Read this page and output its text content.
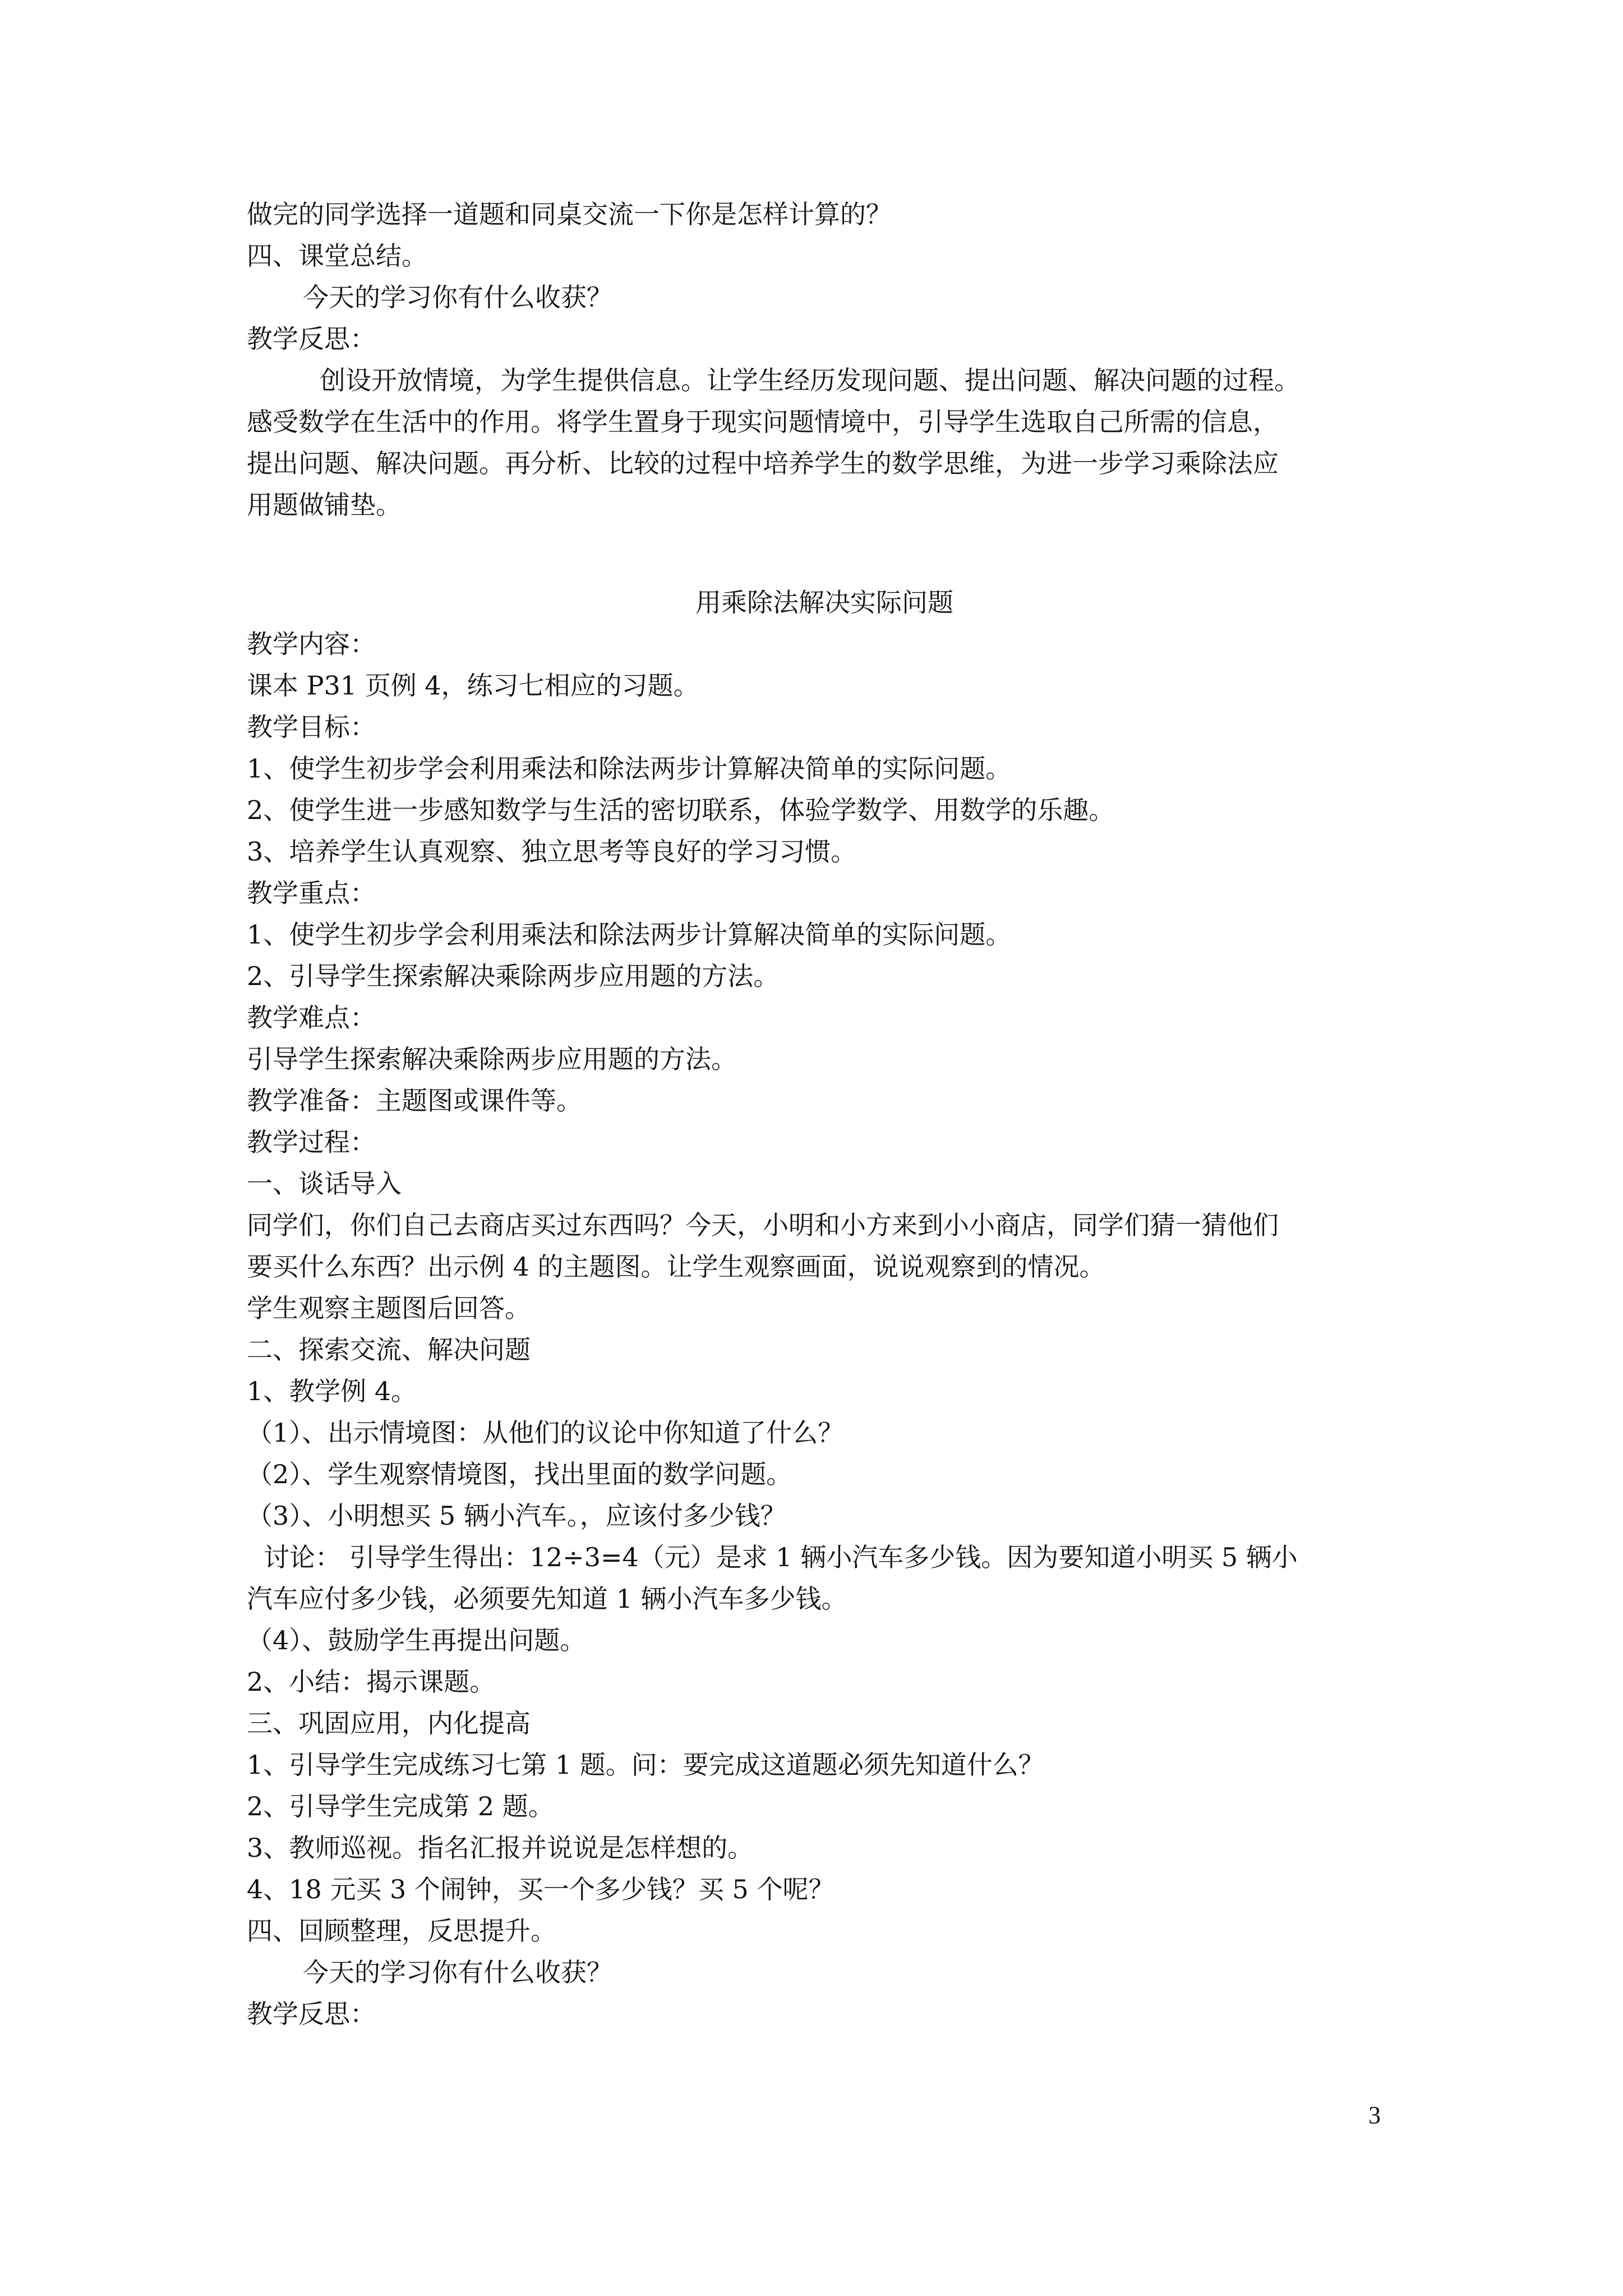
做完的同学选择一道题和同桌交流一下你是怎样计算的？
四、课堂总结。
今天的学习你有什么收获？
教学反思：
创设开放情境，为学生提供信息。让学生经历发现问题、提出问题、解决问题的过程。
感受数学在生活中的作用。将学生置身于现实问题情境中，引导学生选取自己所需的信息，
提出问题、解决问题。再分析、比较的过程中培养学生的数学思维，为进一步学习乘除法应
用题做铺垫。
用乘除法解决实际问题
教学内容：
课本 P31 页例 4，练习七相应的习题。
教学目标：
1、使学生初步学会利用乘法和除法两步计算解决简单的实际问题。
2、使学生进一步感知数学与生活的密切联系，体验学数学、用数学的乐趣。
3、培养学生认真观察、独立思考等良好的学习习惯。
教学重点：
1、使学生初步学会利用乘法和除法两步计算解决简单的实际问题。
2、引导学生探索解决乘除两步应用题的方法。
教学难点：
引导学生探索解决乘除两步应用题的方法。
教学准备：主题图或课件等。
教学过程：
一、谈话导入
同学们，你们自己去商店买过东西吗？今天，小明和小方来到小小商店，同学们猜一猜他们
要买什么东西？出示例 4 的主题图。让学生观察画面，说说观察到的情况。
学生观察主题图后回答。
二、探索交流、解决问题
1、教学例 4。
（1）、出示情境图：从他们的议论中你知道了什么？
（2）、学生观察情境图，找出里面的数学问题。
（3）、小明想买 5 辆小汽车。，应该付多少钱？
讨论： 引导学生得出：12÷3=4（元）是求 1 辆小汽车多少钱。因为要知道小明买 5 辆小
汽车应付多少钱，必须要先知道 1 辆小汽车多少钱。
（4）、鼓励学生再提出问题。
2、小结：揭示课题。
三、巩固应用，内化提高
1、引导学生完成练习七第 1 题。问：要完成这道题必须先知道什么？
2、引导学生完成第 2 题。
3、教师巡视。指名汇报并说说是怎样想的。
4、18 元买 3 个闹钟，买一个多少钱？买 5 个呢？
四、回顾整理，反思提升。
今天的学习你有什么收获？
教学反思：
3
